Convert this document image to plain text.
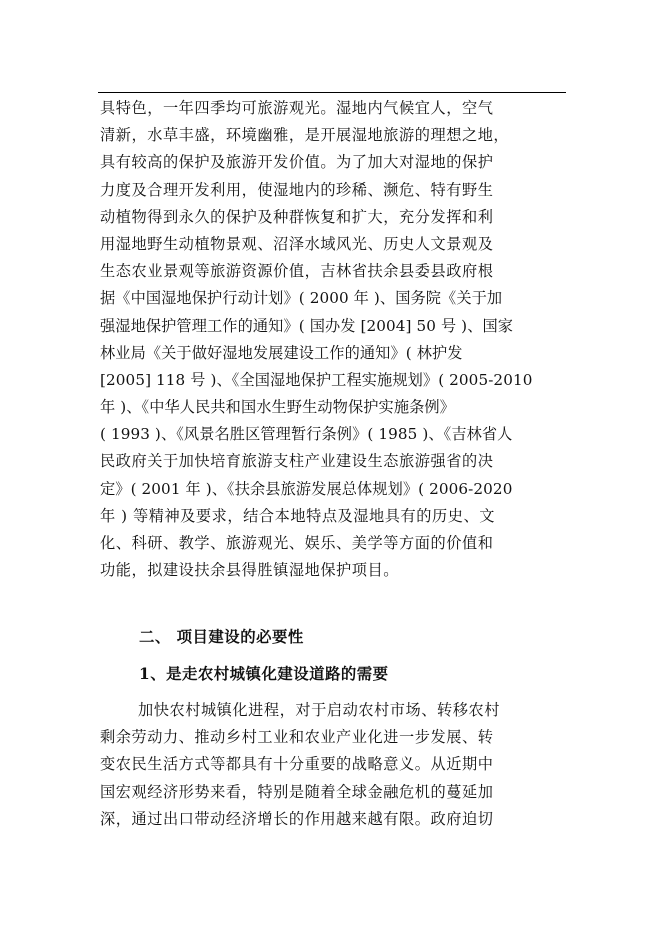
具特色，一年四季均可旅游观光。湿地内气候宜人，空气
清新，水草丰盛，环境幽雅，是开展湿地旅游的理想之地，
具有较高的保护及旅游开发价值。为了加大对湿地的保护
力度及合理开发利用，使湿地内的珍稀、濒危、特有野生
动植物得到永久的保护及种群恢复和扩大，充分发挥和利
用湿地野生动植物景观、沼泽水域风光、历史人文景观及
生态农业景观等旅游资源价值，吉林省扶余县委县政府根
据《中国湿地保护行动计划》( 2000 年 )、国务院《关于加
强湿地保护管理工作的通知》( 国办发 [2004] 50 号 )、国家
林业局《关于做好湿地发展建设工作的通知》( 林护发
[2005] 118 号 )、《全国湿地保护工程实施规划》( 2005-2010
年 )、《中华人民共和国水生野生动物保护实施条例》
( 1993 )、《风景名胜区管理暂行条例》( 1985 )、《吉林省人
民政府关于加快培育旅游支柱产业建设生态旅游强省的决
定》( 2001 年 )、《扶余县旅游发展总体规划》( 2006-2020
年 ) 等精神及要求，结合本地特点及湿地具有的历史、文
化、科研、教学、旅游观光、娱乐、美学等方面的价值和
功能，拟建设扶余县得胜镇湿地保护项目。
二、 项目建设的必要性
1、是走农村城镇化建设道路的需要
加快农村城镇化进程，对于启动农村市场、转移农村
剩余劳动力、推动乡村工业和农业产业化进一步发展、转
变农民生活方式等都具有十分重要的战略意义。从近期中
国宏观经济形势来看，特别是随着全球金融危机的蔓延加
深，通过出口带动经济增长的作用越来越有限。政府迫切
